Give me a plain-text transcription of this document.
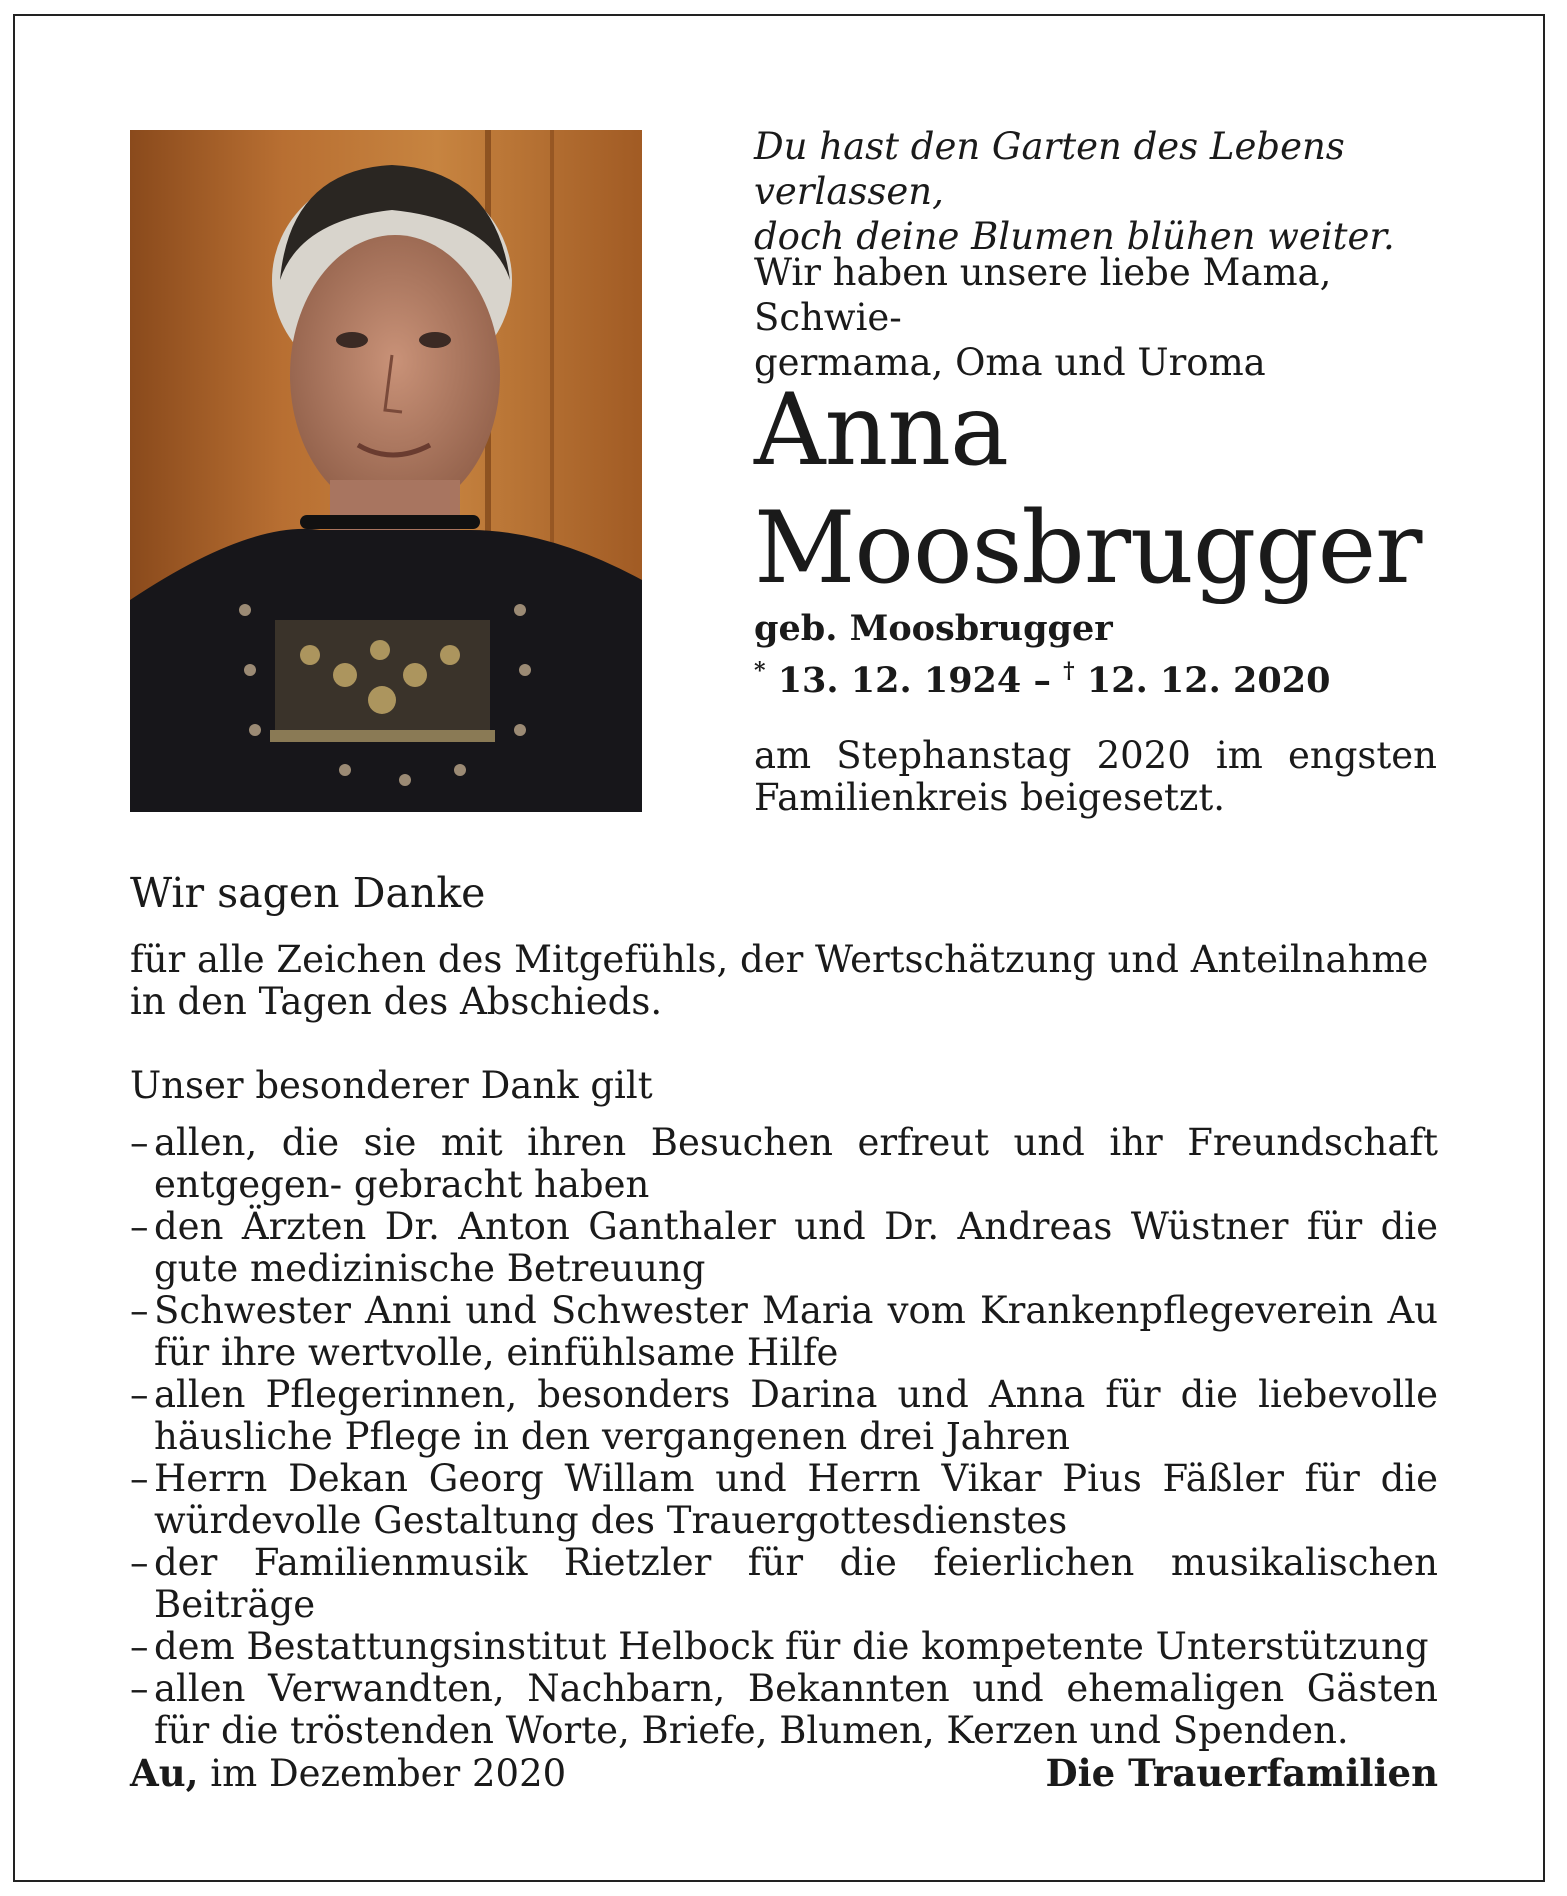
Du hast den Garten des Lebens verlassen,
doch deine Blumen blühen weiter.
Wir haben unsere liebe Mama, Schwie-
germama, Oma und Uroma
Anna
Moosbrugger
geb. Moosbrugger
* 13. 12. 1924 – † 12. 12. 2020
am Stephanstag 2020 im engsten Familienkreis beigesetzt.
Wir sagen Danke
für alle Zeichen des Mitgefühls, der Wertschätzung und Anteilnahme in den Tagen des Abschieds.
Unser besonderer Dank gilt
– allen, die sie mit ihren Besuchen erfreut und ihr Freundschaft entgegen- gebracht haben
– den Ärzten Dr. Anton Ganthaler und Dr. Andreas Wüstner für die gute medizinische Betreuung
– Schwester Anni und Schwester Maria vom Krankenpflegeverein Au für ihre wertvolle, einfühlsame Hilfe
– allen Pflegerinnen, besonders Darina und Anna für die liebevolle häusliche Pflege in den vergangenen drei Jahren
– Herrn Dekan Georg Willam und Herrn Vikar Pius Fäßler für die würdevolle Gestaltung des Trauergottesdienstes
– der Familienmusik Rietzler für die feierlichen musikalischen Beiträge
– dem Bestattungsinstitut Helbock für die kompetente Unterstützung
– allen Verwandten, Nachbarn, Bekannten und ehemaligen Gästen für die tröstenden Worte, Briefe, Blumen, Kerzen und Spenden.
Au, im Dezember 2020	Die Trauerfamilien
